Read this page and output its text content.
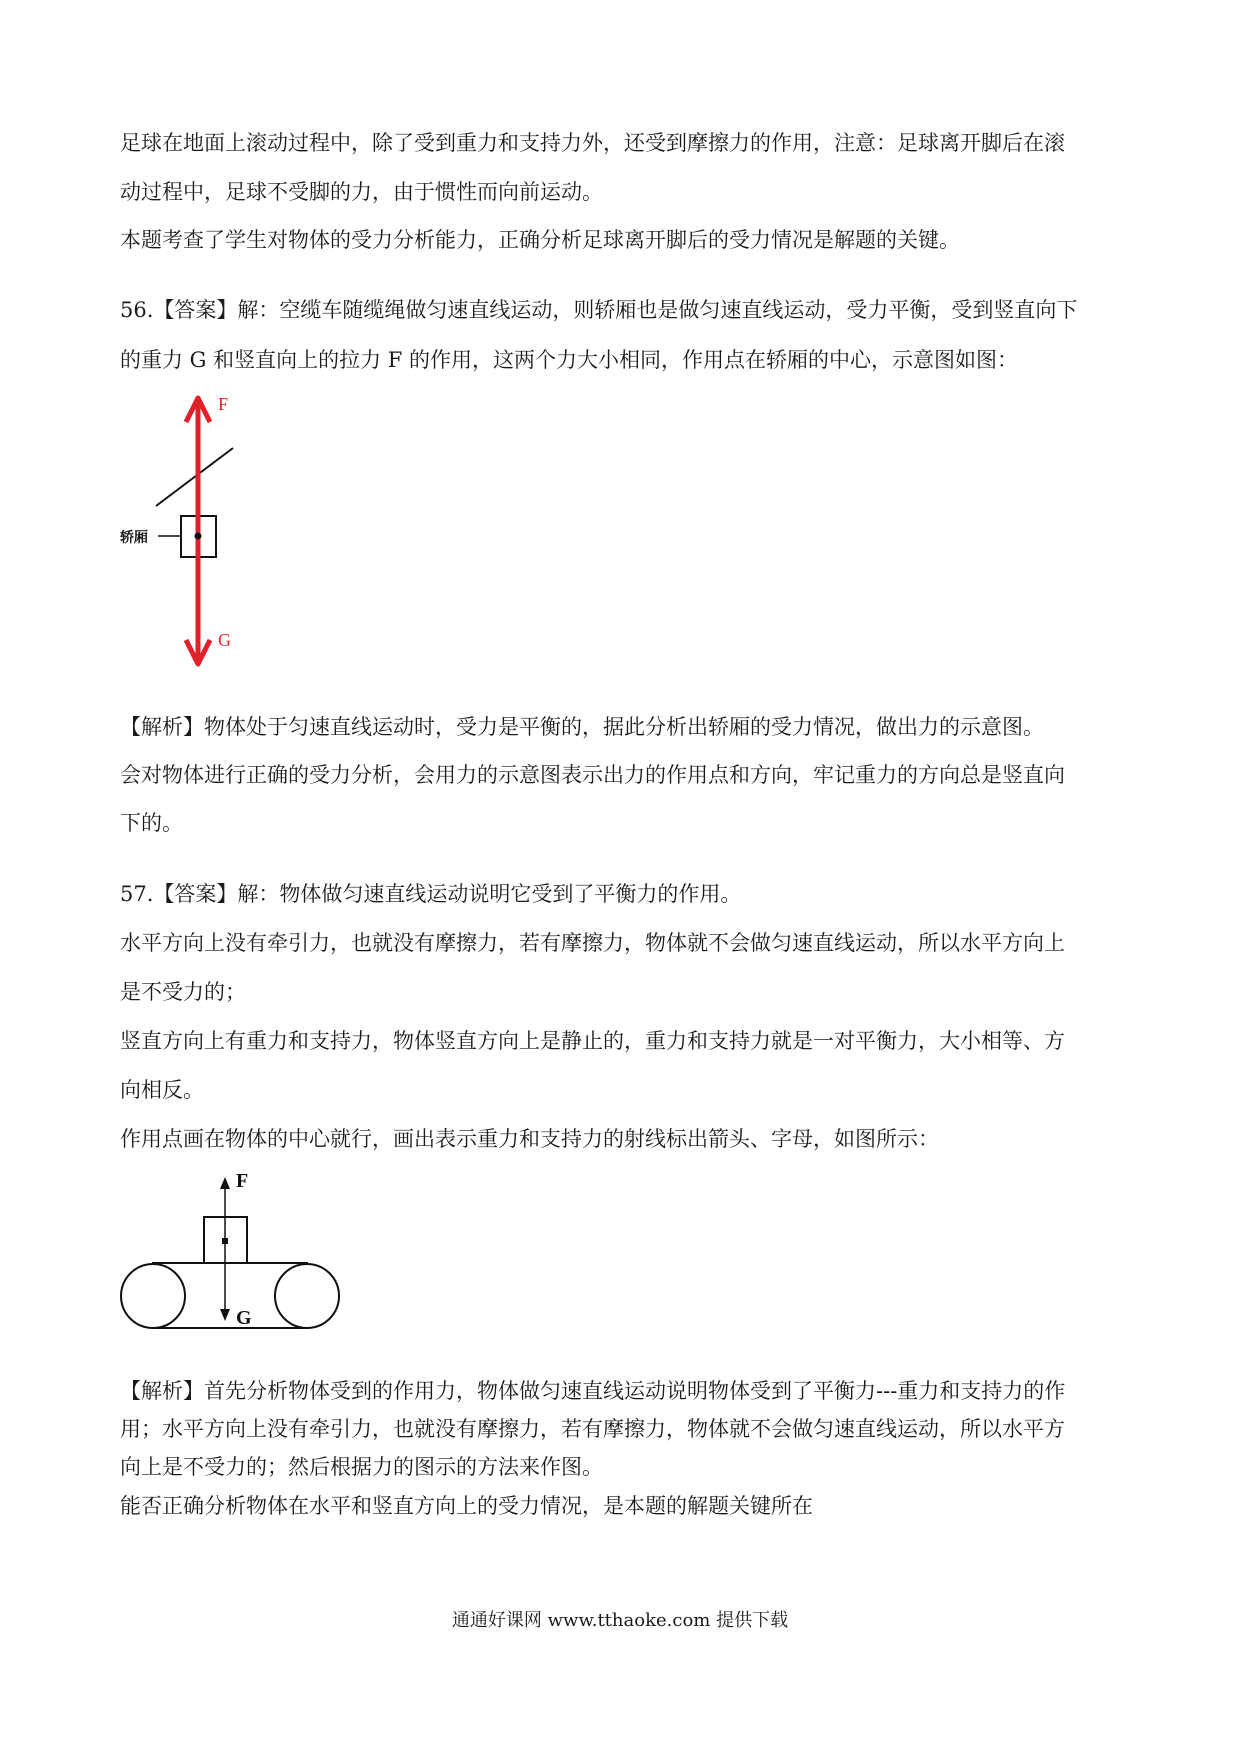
足球在地面上滚动过程中，除了受到重力和支持力外，还受到摩擦力的作用，注意：足球离开脚后在滚
动过程中，足球不受脚的力，由于惯性而向前运动。
本题考查了学生对物体的受力分析能力，正确分析足球离开脚后的受力情况是解题的关键。
56.【答案】解：空缆车随缆绳做匀速直线运动，则轿厢也是做匀速直线运动，受力平衡，受到竖直向下
的重力 G 和竖直向上的拉力 F 的作用，这两个力大小相同，作用点在轿厢的中心，示意图如图：
F
G
轿厢
【解析】物体处于匀速直线运动时，受力是平衡的，据此分析出轿厢的受力情况，做出力的示意图。
会对物体进行正确的受力分析，会用力的示意图表示出力的作用点和方向，牢记重力的方向总是竖直向
下的。
57.【答案】解：物体做匀速直线运动说明它受到了平衡力的作用。
水平方向上没有牵引力，也就没有摩擦力，若有摩擦力，物体就不会做匀速直线运动，所以水平方向上
是不受力的；
竖直方向上有重力和支持力，物体竖直方向上是静止的，重力和支持力就是一对平衡力，大小相等、方
向相反。
作用点画在物体的中心就行，画出表示重力和支持力的射线标出箭头、字母，如图所示：
F
G
【解析】首先分析物体受到的作用力，物体做匀速直线运动说明物体受到了平衡力---重力和支持力的作
用；水平方向上没有牵引力，也就没有摩擦力，若有摩擦力，物体就不会做匀速直线运动，所以水平方
向上是不受力的；然后根据力的图示的方法来作图。
能否正确分析物体在水平和竖直方向上的受力情况，是本题的解题关键所在
通通好课网 www.tthaoke.com 提供下载
